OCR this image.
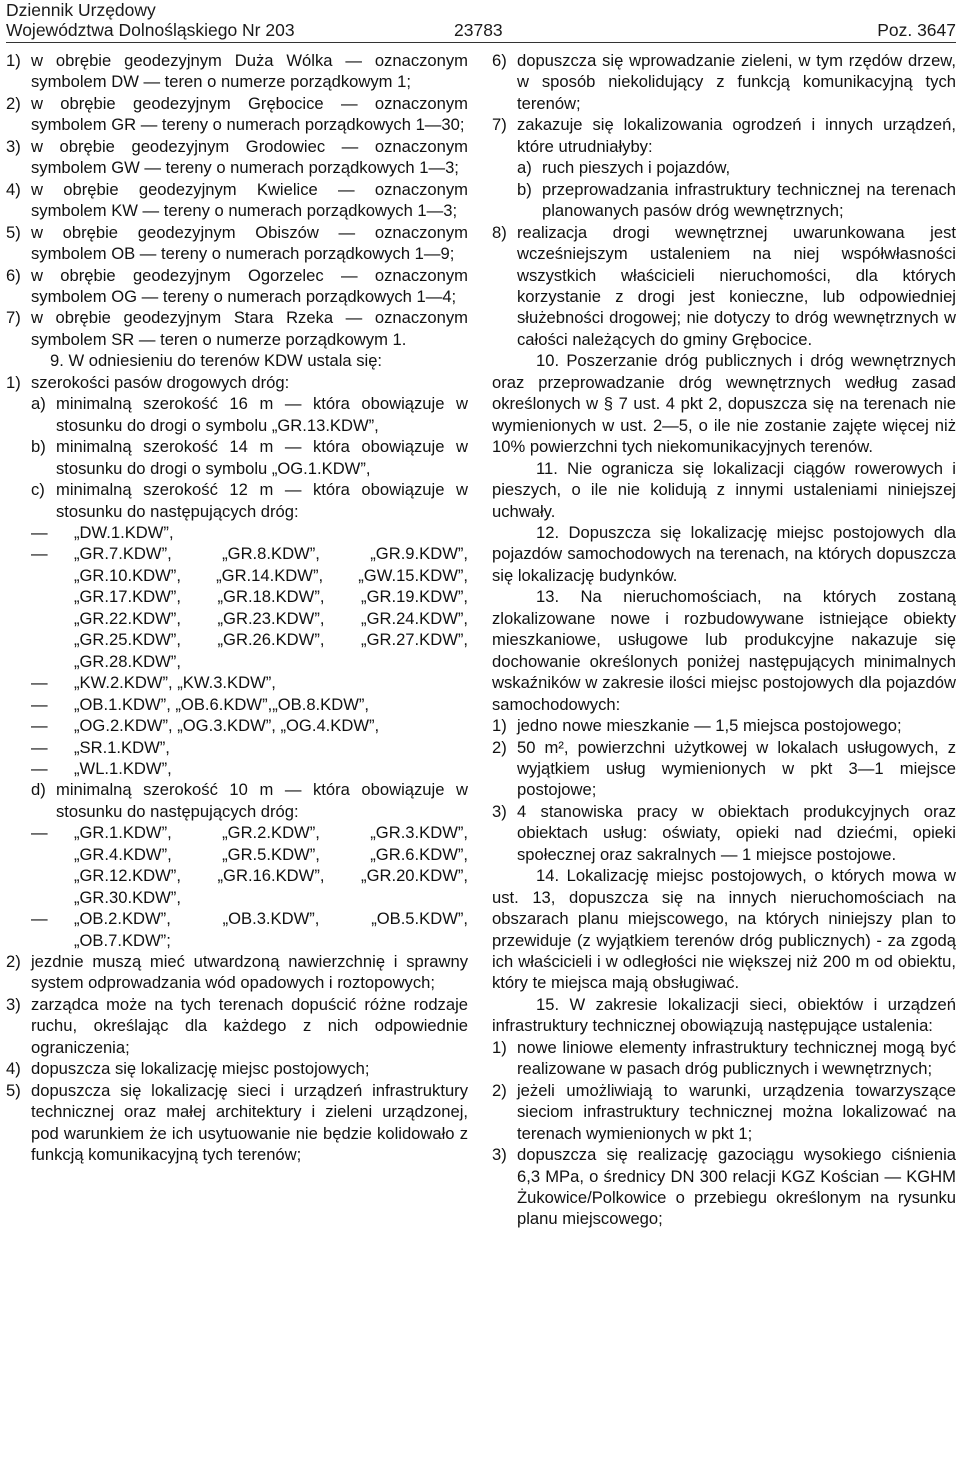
Dziennik Urzędowy
Województwa Dolnośląskiego Nr 203	23783	Poz. 3647
1) w obrębie geodezyjnym Duża Wólka — oznaczonym symbolem DW — teren o numerze porządkowym 1;
2) w obrębie geodezyjnym Grębocice — oznaczonym symbolem GR — tereny o numerach porządkowych 1—30;
3) w obrębie geodezyjnym Grodowiec — oznaczonym symbolem GW — tereny o numerach porządkowych 1—3;
4) w obrębie geodezyjnym Kwielice — oznaczonym symbolem KW — tereny o numerach porządkowych 1—3;
5) w obrębie geodezyjnym Obiszów — oznaczonym symbolem OB — tereny o numerach porządkowych 1—9;
6) w obrębie geodezyjnym Ogorzelec — oznaczonym symbolem OG — tereny o numerach porządkowych 1—4;
7) w obrębie geodezyjnym Stara Rzeka — oznaczonym symbolem SR — teren o numerze porządkowym 1.
9. W odniesieniu do terenów KDW ustala się:
1) szerokości pasów drogowych dróg:
a) minimalną szerokość 16 m — która obowiązuje w stosunku do drogi o symbolu „GR.13.KDW”,
b) minimalną szerokość 14 m — która obowiązuje w stosunku do drogi o symbolu „OG.1.KDW”,
c) minimalną szerokość 12 m — która obowiązuje w stosunku do następujących dróg:
— „DW.1.KDW”,
— „GR.7.KDW”, „GR.8.KDW”, „GR.9.KDW”, „GR.10.KDW”, „GR.14.KDW”, „GW.15.KDW”, „GR.17.KDW”, „GR.18.KDW”, „GR.19.KDW”, „GR.22.KDW”, „GR.23.KDW”, „GR.24.KDW”, „GR.25.KDW”, „GR.26.KDW”, „GR.27.KDW”, „GR.28.KDW”,
— „KW.2.KDW”, „KW.3.KDW”,
— „OB.1.KDW”, „OB.6.KDW”,„OB.8.KDW”,
— „OG.2.KDW”, „OG.3.KDW”, „OG.4.KDW”,
— „SR.1.KDW”,
— „WL.1.KDW”,
d) minimalną szerokość 10 m — która obowiązuje w stosunku do następujących dróg:
— „GR.1.KDW”, „GR.2.KDW”, „GR.3.KDW”, „GR.4.KDW”, „GR.5.KDW”, „GR.6.KDW”, „GR.12.KDW”, „GR.16.KDW”, „GR.20.KDW”, „GR.30.KDW”,
— „OB.2.KDW”, „OB.3.KDW”, „OB.5.KDW”,„OB.7.KDW”;
2) jezdnie muszą mieć utwardzoną nawierzchnię i sprawny system odprowadzania wód opadowych i roztopowych;
3) zarządca może na tych terenach dopuścić różne rodzaje ruchu, określając dla każdego z nich odpowiednie ograniczenia;
4) dopuszcza się lokalizację miejsc postojowych;
5) dopuszcza się lokalizację sieci i urządzeń infrastruktury technicznej oraz małej architektury i zieleni urządzonej, pod warunkiem że ich usytuowanie nie będzie kolidowało z funkcją komunikacyjną tych terenów;
6) dopuszcza się wprowadzanie zieleni, w tym rzędów drzew, w sposób niekolidujący z funkcją komunikacyjną tych terenów;
7) zakazuje się lokalizowania ogrodzeń i innych urządzeń, które utrudniałyby:
a) ruch pieszych i pojazdów,
b) przeprowadzania infrastruktury technicznej na terenach planowanych pasów dróg wewnętrznych;
8) realizacja drogi wewnętrznej uwarunkowana jest wcześniejszym ustaleniem na niej współwłasności wszystkich właścicieli nieruchomości, dla których korzystanie z drogi jest konieczne, lub odpowiedniej służebności drogowej; nie dotyczy to dróg wewnętrznych w całości należących do gminy Grębocice.
10. Poszerzanie dróg publicznych i dróg wewnętrznych oraz przeprowadzanie dróg wewnętrznych według zasad określonych w § 7 ust. 4 pkt 2, dopuszcza się na terenach nie wymienionych w ust. 2—5, o ile nie zostanie zajęte więcej niż 10% powierzchni tych niekomunikacyjnych terenów.
11. Nie ogranicza się lokalizacji ciągów rowerowych i pieszych, o ile nie kolidują z innymi ustaleniami niniejszej uchwały.
12. Dopuszcza się lokalizację miejsc postojowych dla pojazdów samochodowych na terenach, na których dopuszcza się lokalizację budynków.
13. Na nieruchomościach, na których zostaną zlokalizowane nowe i rozbudowywane istniejące obiekty mieszkaniowe, usługowe lub produkcyjne nakazuje się dochowanie określonych poniżej następujących minimalnych wskaźników w zakresie ilości miejsc postojowych dla pojazdów samochodowych:
1) jedno nowe mieszkanie — 1,5 miejsca postojowego;
2) 50 m², powierzchni użytkowej w lokalach usługowych, z wyjątkiem usług wymienionych w pkt 3—1 miejsce postojowe;
3) 4 stanowiska pracy w obiektach produkcyjnych oraz obiektach usług: oświaty, opieki nad dziećmi, opieki społecznej oraz sakralnych — 1 miejsce postojowe.
14. Lokalizację miejsc postojowych, o których mowa w ust. 13, dopuszcza się na innych nieruchomościach na obszarach planu miejscowego, na których niniejszy plan to przewiduje (z wyjątkiem terenów dróg publicznych) - za zgodą ich właścicieli i w odległości nie większej niż 200 m od obiektu, który te miejsca mają obsługiwać.
15. W zakresie lokalizacji sieci, obiektów i urządzeń infrastruktury technicznej obowiązują następujące ustalenia:
1) nowe liniowe elementy infrastruktury technicznej mogą być realizowane w pasach dróg publicznych i wewnętrznych;
2) jeżeli umożliwiają to warunki, urządzenia towarzyszące sieciom infrastruktury technicznej można lokalizować na terenach wymienionych w pkt 1;
3) dopuszcza się realizację gazociągu wysokiego ciśnienia 6,3 MPa, o średnicy DN 300 relacji KGZ Kościan — KGHM Żukowice/Polkowice o przebiegu określonym na rysunku planu miejscowego;
